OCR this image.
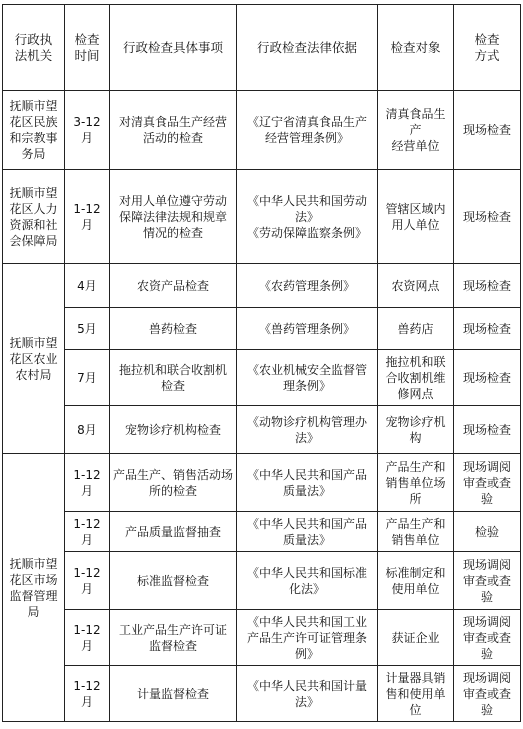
行政执
法机关	检查
时间	行政检查具体事项	行政检查法律依据	检查对象	检查
方式
抚顺市望
花区民族
和宗教事
务局	3-12
月	对清真食品生产经营
活动的检查	《辽宁省清真食品生产
经营管理条例》	清真食品生产
经营单位	现场检查
抚顺市望
花区人力
资源和社
会保障局	1-12
月	对用人单位遵守劳动
保障法律法规和规章
情况的检查	《中华人民共和国劳动
法》
《劳动保障监察条例》	管辖区域内
用人单位	现场检查
抚顺市望
花区农业
农村局	4月	农资产品检查	《农药管理条例》	农资网点	现场检查
	5月	兽药检查	《兽药管理条例》	兽药店	现场检查
	7月	拖拉机和联合收割机
检查	《农业机械安全监督管
理条例》	拖拉机和联
合收割机维
修网点	现场检查
	8月	宠物诊疗机构检查	《动物诊疗机构管理办
法》	宠物诊疗机
构	现场检查
抚顺市望
花区市场
监督管理
局	1-12
月	产品生产、销售活动场
所的检查	《中华人民共和国产品
质量法》	产品生产和
销售单位场
所	现场调阅
审查或查
验
	1-12
月	产品质量监督抽查	《中华人民共和国产品
质量法》	产品生产和
销售单位	检验
	1-12
月	标准监督检查	《中华人民共和国标准
化法》	标准制定和
使用单位	现场调阅
审查或查
验
	1-12
月	工业产品生产许可证
监督检查	《中华人民共和国工业
产品生产许可证管理条
例》	获证企业	现场调阅
审查或查
验
	1-12
月	计量监督检查	《中华人民共和国计量
法》	计量器具销
售和使用单
位	现场调阅
审查或查
验
